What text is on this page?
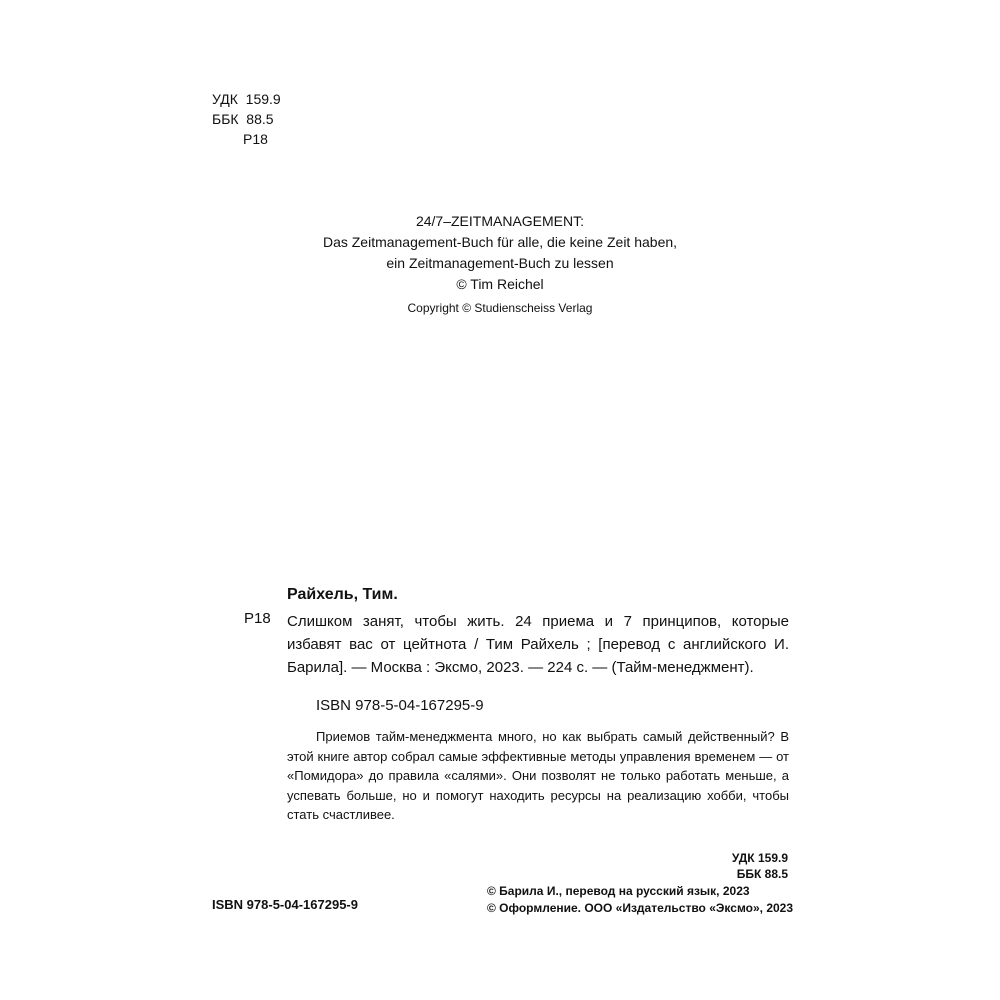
УДК  159.9
ББК  88.5
Р18
24/7–ZEITMANAGEMENT:
Das Zeitmanagement-Buch für alle, die keine Zeit haben,
ein Zeitmanagement-Buch zu lessen
© Tim Reichel
Copyright © Studienscheiss Verlag
Райхель, Тим.
Р18 Слишком занят, чтобы жить. 24 приема и 7 принципов, которые избавят вас от цейтнота / Тим Райхель ; [перевод с английского И. Барила]. — Москва : Эксмо, 2023. — 224 с. — (Тайм-менеджмент).
ISBN 978-5-04-167295-9
Приемов тайм-менеджмента много, но как выбрать самый действенный? В этой книге автор собрал самые эффективные методы управления временем — от «Помидора» до правила «салями». Они позволят не только работать меньше, а успевать больше, но и помогут находить ресурсы на реализацию хобби, чтобы стать счастливее.
УДК 159.9
ББК 88.5
ISBN 978-5-04-167295-9
© Барила И., перевод на русский язык, 2023
© Оформление. ООО «Издательство «Эксмо», 2023
